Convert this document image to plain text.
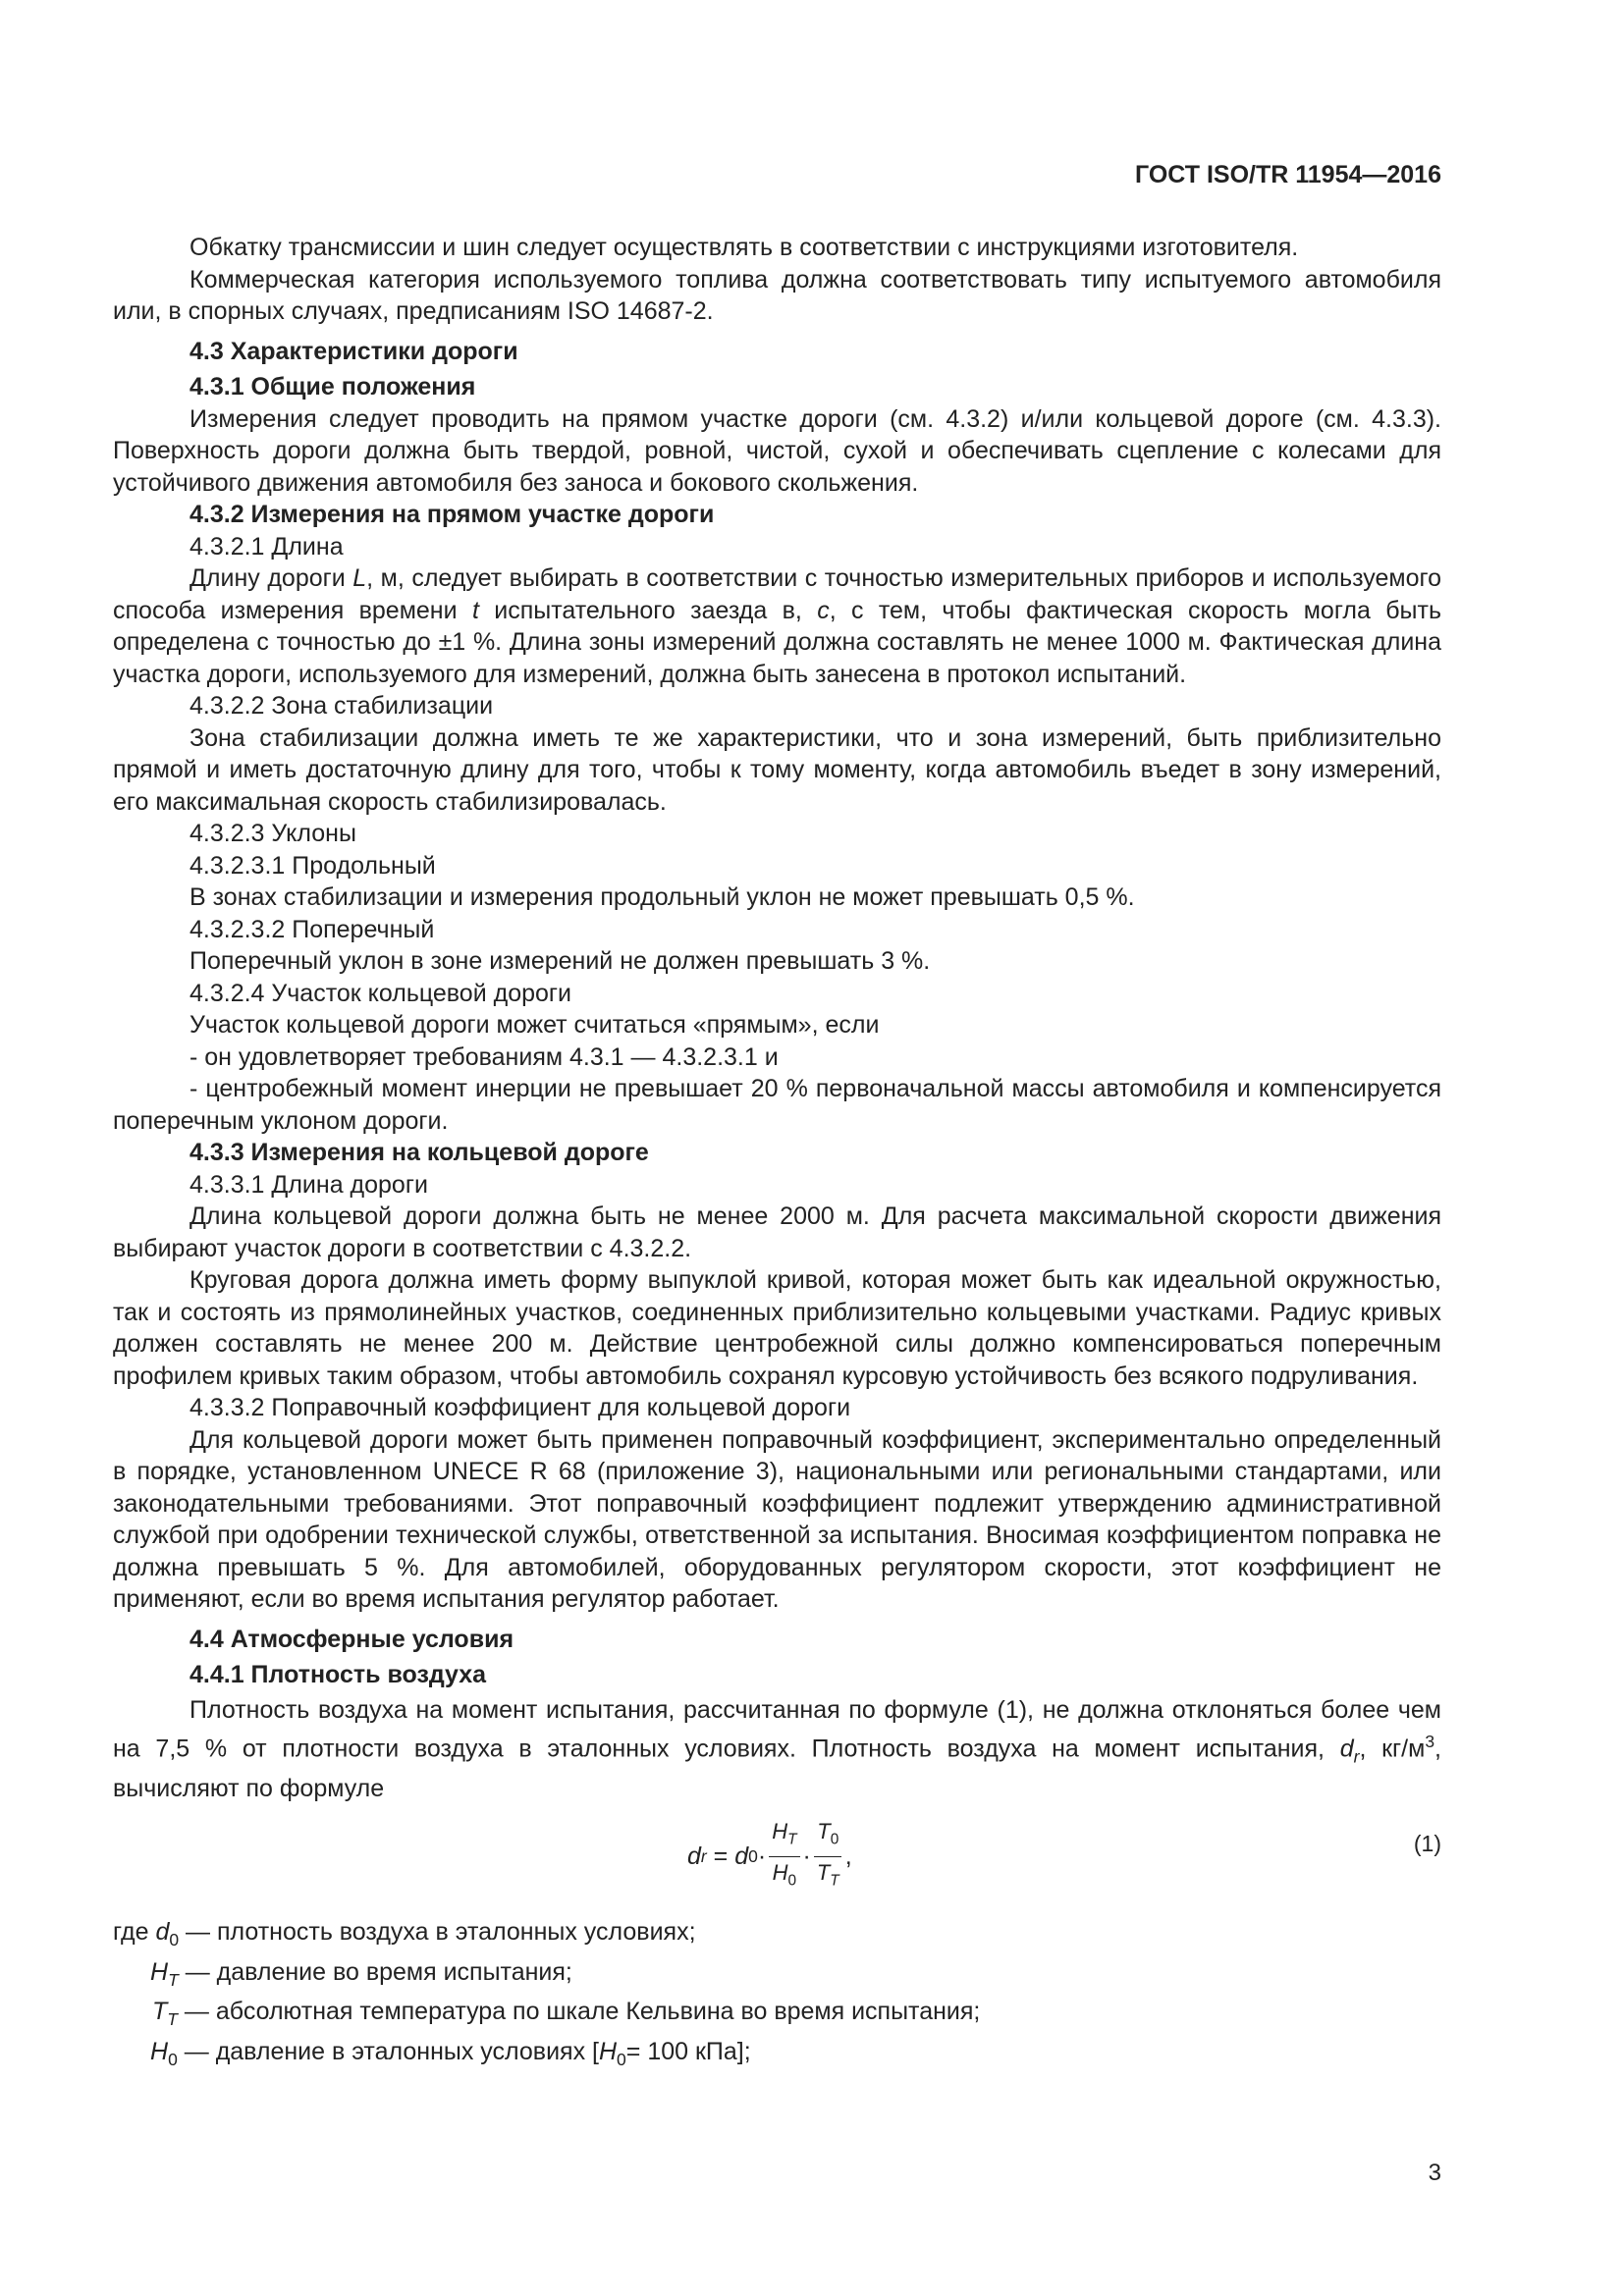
ГОСТ ISO/TR 11954—2016

Обкатку трансмиссии и шин следует осуществлять в соответствии с инструкциями изготовителя.

Коммерческая категория используемого топлива должна соответствовать типу испытуемого автомобиля или, в спорных случаях, предписаниям ISO 14687-2.

4.3 Характеристики дороги

4.3.1 Общие положения

Измерения следует проводить на прямом участке дороги (см. 4.3.2) и/или кольцевой дороге (см. 4.3.3). Поверхность дороги должна быть твердой, ровной, чистой, сухой и обеспечивать сцепление с колесами для устойчивого движения автомобиля без заноса и бокового скольжения.

4.3.2 Измерения на прямом участке дороги

4.3.2.1 Длина

Длину дороги L, м, следует выбирать в соответствии с точностью измерительных приборов и используемого способа измерения времени t испытательного заезда в, c, с тем, чтобы фактическая скорость могла быть определена с точностью до ±1 %. Длина зоны измерений должна составлять не менее 1000 м. Фактическая длина участка дороги, используемого для измерений, должна быть занесена в протокол испытаний.

4.3.2.2 Зона стабилизации

Зона стабилизации должна иметь те же характеристики, что и зона измерений, быть приблизительно прямой и иметь достаточную длину для того, чтобы к тому моменту, когда автомобиль въедет в зону измерений, его максимальная скорость стабилизировалась.

4.3.2.3 Уклоны

4.3.2.3.1 Продольный

В зонах стабилизации и измерения продольный уклон не может превышать 0,5 %.

4.3.2.3.2 Поперечный

Поперечный уклон в зоне измерений не должен превышать 3 %.

4.3.2.4 Участок кольцевой дороги

Участок кольцевой дороги может считаться «прямым», если

- он удовлетворяет требованиям 4.3.1 — 4.3.2.3.1 и

- центробежный момент инерции не превышает 20 % первоначальной массы автомобиля и компенсируется поперечным уклоном дороги.

4.3.3 Измерения на кольцевой дороге

4.3.3.1 Длина дороги

Длина кольцевой дороги должна быть не менее 2000 м. Для расчета максимальной скорости движения выбирают участок дороги в соответствии с 4.3.2.2.

Круговая дорога должна иметь форму выпуклой кривой, которая может быть как идеальной окружностью, так и состоять из прямолинейных участков, соединенных приблизительно кольцевыми участками. Радиус кривых должен составлять не менее 200 м. Действие центробежной силы должно компенсироваться поперечным профилем кривых таким образом, чтобы автомобиль сохранял курсовую устойчивость без всякого подруливания.

4.3.3.2 Поправочный коэффициент для кольцевой дороги

Для кольцевой дороги может быть применен поправочный коэффициент, экспериментально определенный в порядке, установленном UNECE R 68 (приложение 3), национальными или региональными стандартами, или законодательными требованиями. Этот поправочный коэффициент подлежит утверждению административной службой при одобрении технической службы, ответственной за испытания. Вносимая коэффициентом поправка не должна превышать 5 %. Для автомобилей, оборудованных регулятором скорости, этот коэффициент не применяют, если во время испытания регулятор работает.

4.4 Атмосферные условия

4.4.1 Плотность воздуха

Плотность воздуха на момент испытания, рассчитанная по формуле (1), не должна отклоняться более чем на 7,5 % от плотности воздуха в эталонных условиях. Плотность воздуха на момент испытания, $d_r$, $кг/м^3$, вычисляют по формуле

d r = d $0 \cdot \frac{H_T}{H_0} \cdot \frac{T_0}{T_T}$ ,	(1)

где $d_0$ — плотность воздуха в эталонных условиях;

$H_T$ — давление во время испытания;

$T_T$ — абсолютная температура по шкале Кельвина во время испытания;

$H_0$ — давление в эталонных условиях [$H_0= 100$ кПа];

3
